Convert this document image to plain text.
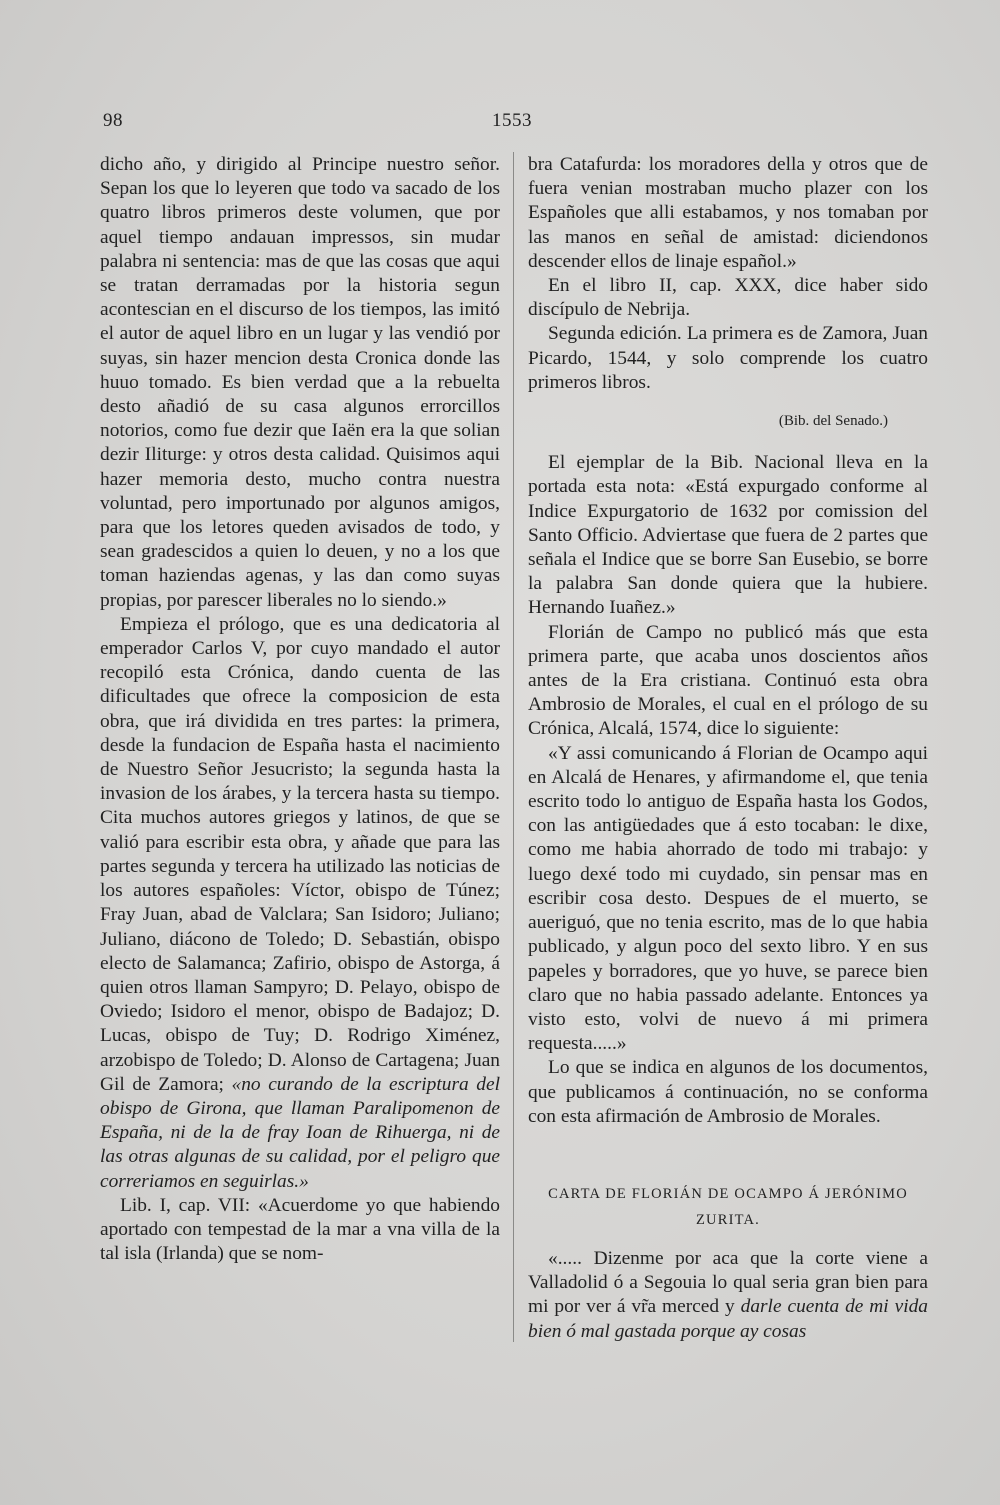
98	1553

dicho año, y dirigido al Principe nuestro señor. Sepan los que lo leyeren que todo va sacado de los quatro libros primeros deste volumen, que por aquel tiempo andauan impressos, sin mudar palabra ni sentencia: mas de que las cosas que aqui se tratan derramadas por la historia segun acontescian en el discurso de los tiempos, las imitó el autor de aquel libro en un lugar y las vendió por suyas, sin hazer mencion desta Cronica donde las huuo tomado. Es bien verdad que a la rebuelta desto añadió de su casa algunos errorcillos notorios, como fue dezir que Iaën era la que solian dezir Iliturge: y otros desta calidad. Quisimos aqui hazer memoria desto, mucho contra nuestra voluntad, pero importunado por algunos amigos, para que los letores queden avisados de todo, y sean gradescidos a quien lo deuen, y no a los que toman haziendas agenas, y las dan como suyas propias, por parescer liberales no lo siendo.»

Empieza el prólogo, que es una dedicatoria al emperador Carlos V, por cuyo mandado el autor recopiló esta Crónica, dando cuenta de las dificultades que ofrece la composicion de esta obra, que irá dividida en tres partes: la primera, desde la fundacion de España hasta el nacimiento de Nuestro Señor Jesucristo; la segunda hasta la invasion de los árabes, y la tercera hasta su tiempo. Cita muchos autores griegos y latinos, de que se valió para escribir esta obra, y añade que para las partes segunda y tercera ha utilizado las noticias de los autores españoles: Víctor, obispo de Túnez; Fray Juan, abad de Valclara; San Isidoro; Juliano; Juliano, diácono de Toledo; D. Sebastián, obispo electo de Salamanca; Zafirio, obispo de Astorga, á quien otros llaman Sampyro; D. Pelayo, obispo de Oviedo; Isidoro el menor, obispo de Badajoz; D. Lucas, obispo de Tuy; D. Rodrigo Ximénez, arzobispo de Toledo; D. Alonso de Cartagena; Juan Gil de Zamora; «no curando de la escriptura del obispo de Girona, que llaman Paralipomenon de España, ni de la de fray Ioan de Rihuerga, ni de las otras algunas de su calidad, por el peligro que correriamos en seguirlas.»

Lib. I, cap. VII: «Acuerdome yo que habiendo aportado con tempestad de la mar a vna villa de la tal isla (Irlanda) que se nom-

bra Catafurda: los moradores della y otros que de fuera venian mostraban mucho plazer con los Españoles que alli estabamos, y nos tomaban por las manos en señal de amistad: diciendonos descender ellos de linaje español.»

En el libro II, cap. XXX, dice haber sido discípulo de Nebrija.

Segunda edición. La primera es de Zamora, Juan Picardo, 1544, y solo comprende los cuatro primeros libros.

(Bib. del Senado.)

El ejemplar de la Bib. Nacional lleva en la portada esta nota: «Está expurgado conforme al Indice Expurgatorio de 1632 por comission del Santo Officio. Adviertase que fuera de 2 partes que señala el Indice que se borre San Eusebio, se borre la palabra San donde quiera que la hubiere. Hernando Iuañez.»

Florián de Campo no publicó más que esta primera parte, que acaba unos doscientos años antes de la Era cristiana. Continuó esta obra Ambrosio de Morales, el cual en el prólogo de su Crónica, Alcalá, 1574, dice lo siguiente:

«Y assi comunicando á Florian de Ocampo aqui en Alcalá de Henares, y afirmandome el, que tenia escrito todo lo antiguo de España hasta los Godos, con las antigüedades que á esto tocaban: le dixe, como me habia ahorrado de todo mi trabajo: y luego dexé todo mi cuydado, sin pensar mas en escribir cosa desto. Despues de el muerto, se aueriguó, que no tenia escrito, mas de lo que habia publicado, y algun poco del sexto libro. Y en sus papeles y borradores, que yo huve, se parece bien claro que no habia passado adelante. Entonces ya visto esto, volvi de nuevo á mi primera requesta.....»

Lo que se indica en algunos de los documentos, que publicamos á continuación, no se conforma con esta afirmación de Ambrosio de Morales.

CARTA DE FLORIÁN DE OCAMPO Á JERÓNIMO ZURITA.

«..... Dizenme por aca que la corte viene a Valladolid ó a Segouia lo qual seria gran bien para mi por ver á vr̃a merced y darle cuenta de mi vida bien ó mal gastada porque ay cosas
